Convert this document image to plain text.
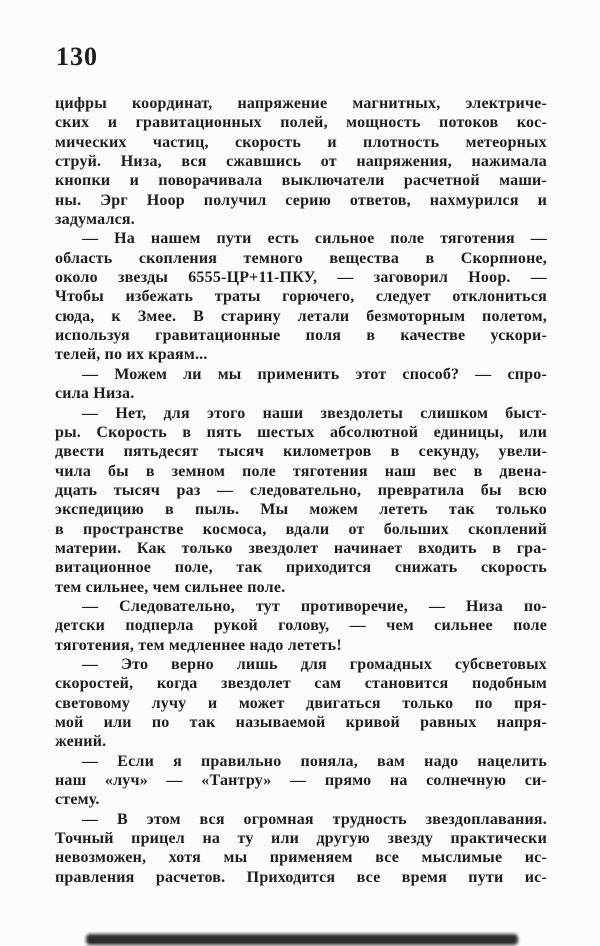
130
цифры координат, напряжение магнитных, электриче-
ских и гравитационных полей, мощность потоков кос-
мических частиц, скорость и плотность метеорных
струй. Низа, вся сжавшись от напряжения, нажимала
кнопки и поворачивала выключатели расчетной маши-
ны. Эрг Ноор получил серию ответов, нахмурился и
задумался.
— На нашем пути есть сильное поле тяготения —
область скопления темного вещества в Скорпионе,
около звезды 6555-ЦР+11-ПКУ, — заговорил Ноор. —
Чтобы избежать траты горючего, следует отклониться
сюда, к Змее. В старину летали безмоторным полетом,
используя гравитационные поля в качестве ускори-
телей, по их краям...
— Можем ли мы применить этот способ? — спро-
сила Низа.
— Нет, для этого наши звездолеты слишком быст-
ры. Скорость в пять шестых абсолютной единицы, или
двести пятьдесят тысяч километров в секунду, увели-
чила бы в земном поле тяготения наш вес в двена-
дцать тысяч раз — следовательно, превратила бы всю
экспедицию в пыль. Мы можем лететь так только
в пространстве космоса, вдали от больших скоплений
материи. Как только звездолет начинает входить в гра-
витационное поле, так приходится снижать скорость
тем сильнее, чем сильнее поле.
— Следовательно, тут противоречие, — Низа по-
детски подперла рукой голову, — чем сильнее поле
тяготения, тем медленнее надо лететь!
— Это верно лишь для громадных субсветовых
скоростей, когда звездолет сам становится подобным
световому лучу и может двигаться только по пря-
мой или по так называемой кривой равных напря-
жений.
— Если я правильно поняла, вам надо нацелить
наш «луч» — «Тантру» — прямо на солнечную си-
стему.
— В этом вся огромная трудность звездоплавания.
Точный прицел на ту или другую звезду практически
невозможен, хотя мы применяем все мыслимые ис-
правления расчетов. Приходится все время пути ис-
